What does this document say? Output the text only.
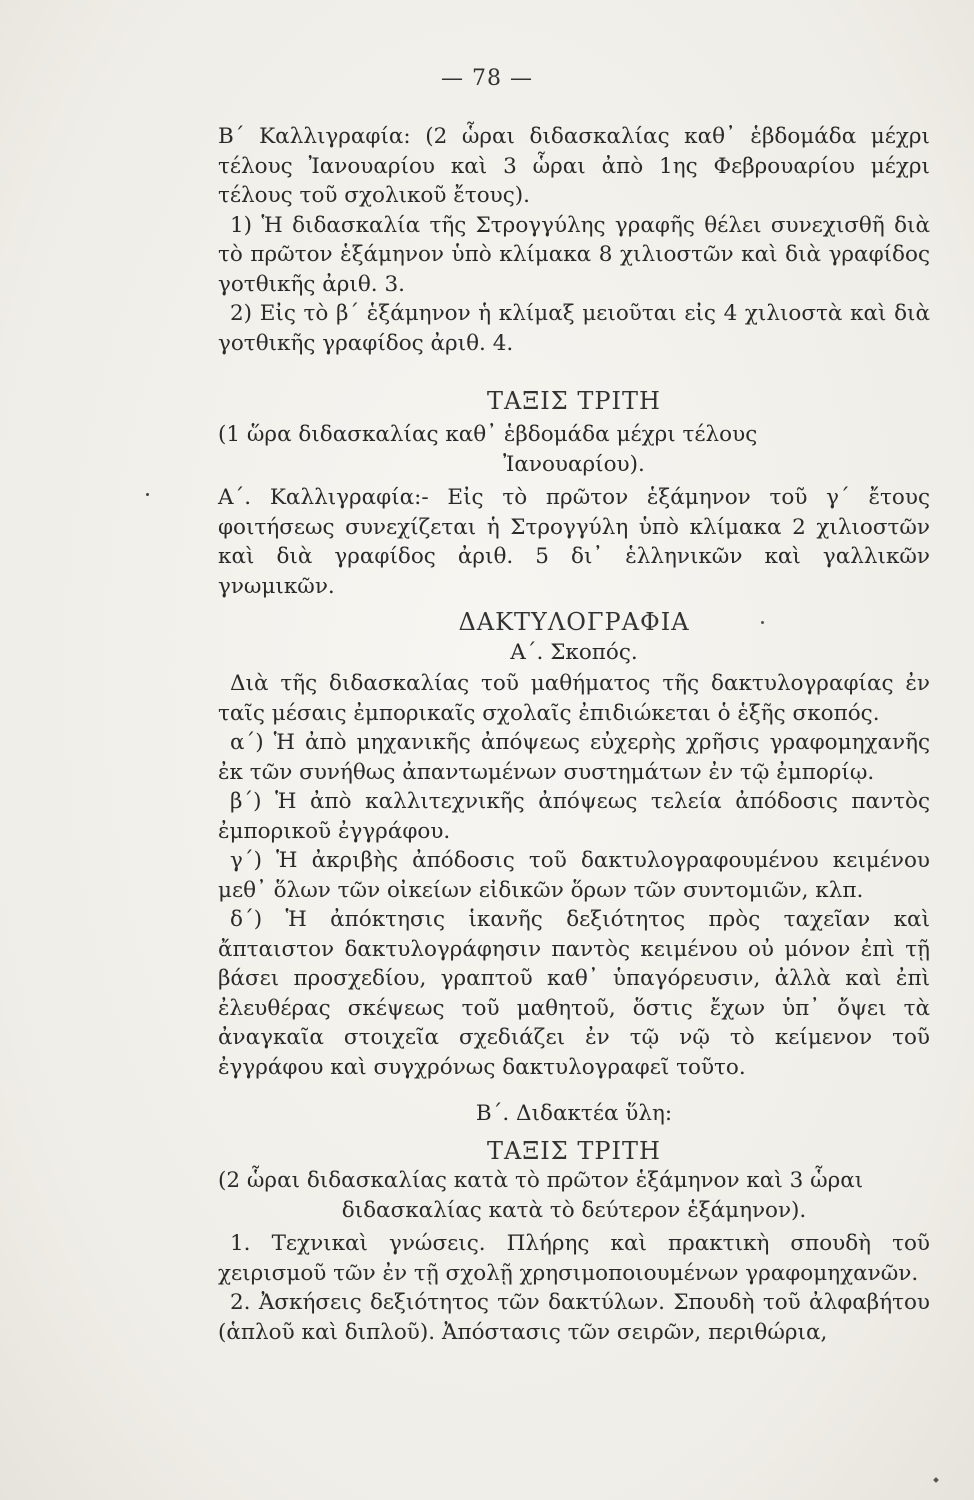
— 78 —

Β΄ Καλλιγραφία: (2 ὧραι διδασκαλίας καθ᾿ ἑβδομάδα μέχρι τέλους Ἰανουαρίου καὶ 3 ὧραι ἀπὸ 1ης Φεβρουαρίου μέχρι τέλους τοῦ σχολικοῦ ἔτους).

1) Ἡ διδασκαλία τῆς Στρογγύλης γραφῆς θέλει συνεχισθῆ διὰ τὸ πρῶτον ἑξάμηνον ὑπὸ κλίμακα 8 χιλιοστῶν καὶ διὰ γραφίδος γοτθικῆς ἀριθ. 3.

2) Εἰς τὸ β΄ ἑξάμηνον ἡ κλίμαξ μειοῦται εἰς 4 χιλιοστὰ καὶ διὰ γοτθικῆς γραφίδος ἀριθ. 4.

ΤΑΞΙΣ ΤΡΙΤΗ

(1 ὥρα διδασκαλίας καθ᾿ ἑβδομάδα μέχρι τέλους

Ἰανουαρίου).

Α΄. Καλλιγραφία:- Εἰς τὸ πρῶτον ἑξάμηνον τοῦ γ΄ ἔτους φοιτήσεως συνεχίζεται ἡ Στρογγύλη ὑπὸ κλίμακα 2 χιλιοστῶν καὶ διὰ γραφίδος ἀριθ. 5 δι᾿ ἑλληνικῶν καὶ γαλλικῶν γνωμικῶν.

ΔΑΚΤΥΛΟΓΡΑΦΙΑ

Α΄. Σκοπός.

Διὰ τῆς διδασκαλίας τοῦ μαθήματος τῆς δακτυλογραφίας ἐν ταῖς μέσαις ἐμπορικαῖς σχολαῖς ἐπιδιώκεται ὁ ἑξῆς σκοπός.

α΄) Ἡ ἀπὸ μηχανικῆς ἀπόψεως εὐχερὴς χρῆσις γραφομηχανῆς ἐκ τῶν συνήθως ἀπαντωμένων συστημάτων ἐν τῷ ἐμπορίῳ.

β΄) Ἡ ἀπὸ καλλιτεχνικῆς ἀπόψεως τελεία ἀπόδοσις παντὸς ἐμπορικοῦ ἐγγράφου.

γ΄) Ἡ ἀκριβὴς ἀπόδοσις τοῦ δακτυλογραφουμένου κειμένου μεθ᾿ ὅλων τῶν οἰκείων εἰδικῶν ὅρων τῶν συντομιῶν, κλπ.

δ΄) Ἡ ἀπόκτησις ἱκανῆς δεξιότητος πρὸς ταχεῖαν καὶ ἄπταιστον δακτυλογράφησιν παντὸς κειμένου οὐ μόνον ἐπὶ τῇ βάσει προσχεδίου, γραπτοῦ καθ᾿ ὑπαγόρευσιν, ἀλλὰ καὶ ἐπὶ ἐλευθέρας σκέψεως τοῦ μαθητοῦ, ὅστις ἔχων ὑπ᾿ ὄψει τὰ ἀναγκαῖα στοιχεῖα σχεδιάζει ἐν τῷ νῷ τὸ κείμενον τοῦ ἐγγράφου καὶ συγχρόνως δακτυλογραφεῖ τοῦτο.

Β΄. Διδακτέα ὕλη:

ΤΑΞΙΣ ΤΡΙΤΗ

(2 ὧραι διδασκαλίας κατὰ τὸ πρῶτον ἑξάμηνον καὶ 3 ὧραι

διδασκαλίας κατὰ τὸ δεύτερον ἑξάμηνον).

1. Τεχνικαὶ γνώσεις. Πλήρης καὶ πρακτικὴ σπουδὴ τοῦ χειρισμοῦ τῶν ἐν τῇ σχολῇ χρησιμοποιουμένων γραφομηχανῶν.

2. Ἀσκήσεις δεξιότητος τῶν δακτύλων. Σπουδὴ τοῦ ἀλφαβήτου (ἁπλοῦ καὶ διπλοῦ). Ἀπόστασις τῶν σειρῶν, περιθώρια,
